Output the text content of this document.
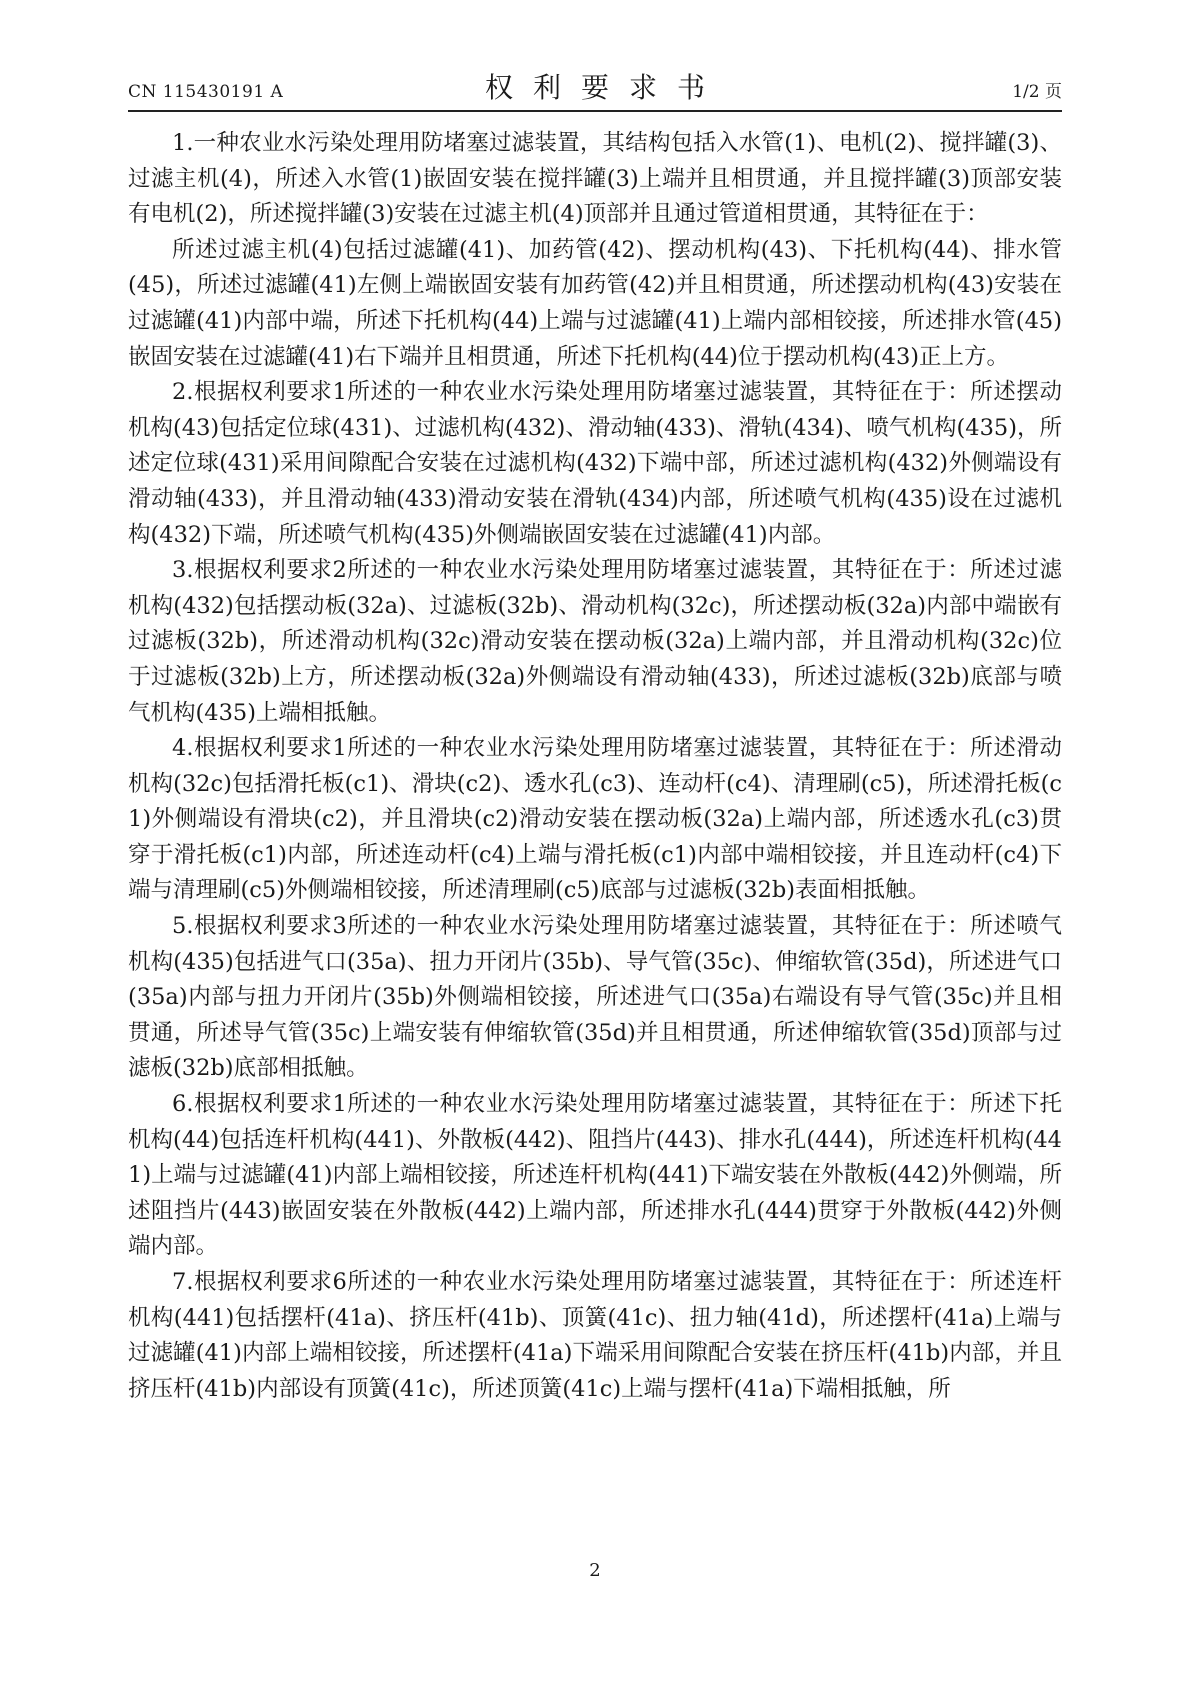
CN 115430191 A	权利要求书	1/2 页

1.一种农业水污染处理用防堵塞过滤装置，其结构包括入水管(1)、电机(2)、搅拌罐(3)、过滤主机(4)，所述入水管(1)嵌固安装在搅拌罐(3)上端并且相贯通，并且搅拌罐(3)顶部安装有电机(2)，所述搅拌罐(3)安装在过滤主机(4)顶部并且通过管道相贯通，其特征在于：

所述过滤主机(4)包括过滤罐(41)、加药管(42)、摆动机构(43)、下托机构(44)、排水管(45)，所述过滤罐(41)左侧上端嵌固安装有加药管(42)并且相贯通，所述摆动机构(43)安装在过滤罐(41)内部中端，所述下托机构(44)上端与过滤罐(41)上端内部相铰接，所述排水管(45)嵌固安装在过滤罐(41)右下端并且相贯通，所述下托机构(44)位于摆动机构(43)正上方。

2.根据权利要求1所述的一种农业水污染处理用防堵塞过滤装置，其特征在于：所述摆动机构(43)包括定位球(431)、过滤机构(432)、滑动轴(433)、滑轨(434)、喷气机构(435)，所述定位球(431)采用间隙配合安装在过滤机构(432)下端中部，所述过滤机构(432)外侧端设有滑动轴(433)，并且滑动轴(433)滑动安装在滑轨(434)内部，所述喷气机构(435)设在过滤机构(432)下端，所述喷气机构(435)外侧端嵌固安装在过滤罐(41)内部。

3.根据权利要求2所述的一种农业水污染处理用防堵塞过滤装置，其特征在于：所述过滤机构(432)包括摆动板(32a)、过滤板(32b)、滑动机构(32c)，所述摆动板(32a)内部中端嵌有过滤板(32b)，所述滑动机构(32c)滑动安装在摆动板(32a)上端内部，并且滑动机构(32c)位于过滤板(32b)上方，所述摆动板(32a)外侧端设有滑动轴(433)，所述过滤板(32b)底部与喷气机构(435)上端相抵触。

4.根据权利要求1所述的一种农业水污染处理用防堵塞过滤装置，其特征在于：所述滑动机构(32c)包括滑托板(c1)、滑块(c2)、透水孔(c3)、连动杆(c4)、清理刷(c5)，所述滑托板(c1)外侧端设有滑块(c2)，并且滑块(c2)滑动安装在摆动板(32a)上端内部，所述透水孔(c3)贯穿于滑托板(c1)内部，所述连动杆(c4)上端与滑托板(c1)内部中端相铰接，并且连动杆(c4)下端与清理刷(c5)外侧端相铰接，所述清理刷(c5)底部与过滤板(32b)表面相抵触。

5.根据权利要求3所述的一种农业水污染处理用防堵塞过滤装置，其特征在于：所述喷气机构(435)包括进气口(35a)、扭力开闭片(35b)、导气管(35c)、伸缩软管(35d)，所述进气口(35a)内部与扭力开闭片(35b)外侧端相铰接，所述进气口(35a)右端设有导气管(35c)并且相贯通，所述导气管(35c)上端安装有伸缩软管(35d)并且相贯通，所述伸缩软管(35d)顶部与过滤板(32b)底部相抵触。

6.根据权利要求1所述的一种农业水污染处理用防堵塞过滤装置，其特征在于：所述下托机构(44)包括连杆机构(441)、外散板(442)、阻挡片(443)、排水孔(444)，所述连杆机构(441)上端与过滤罐(41)内部上端相铰接，所述连杆机构(441)下端安装在外散板(442)外侧端，所述阻挡片(443)嵌固安装在外散板(442)上端内部，所述排水孔(444)贯穿于外散板(442)外侧端内部。

7.根据权利要求6所述的一种农业水污染处理用防堵塞过滤装置，其特征在于：所述连杆机构(441)包括摆杆(41a)、挤压杆(41b)、顶簧(41c)、扭力轴(41d)，所述摆杆(41a)上端与过滤罐(41)内部上端相铰接，所述摆杆(41a)下端采用间隙配合安装在挤压杆(41b)内部，并且挤压杆(41b)内部设有顶簧(41c)，所述顶簧(41c)上端与摆杆(41a)下端相抵触，所

2
